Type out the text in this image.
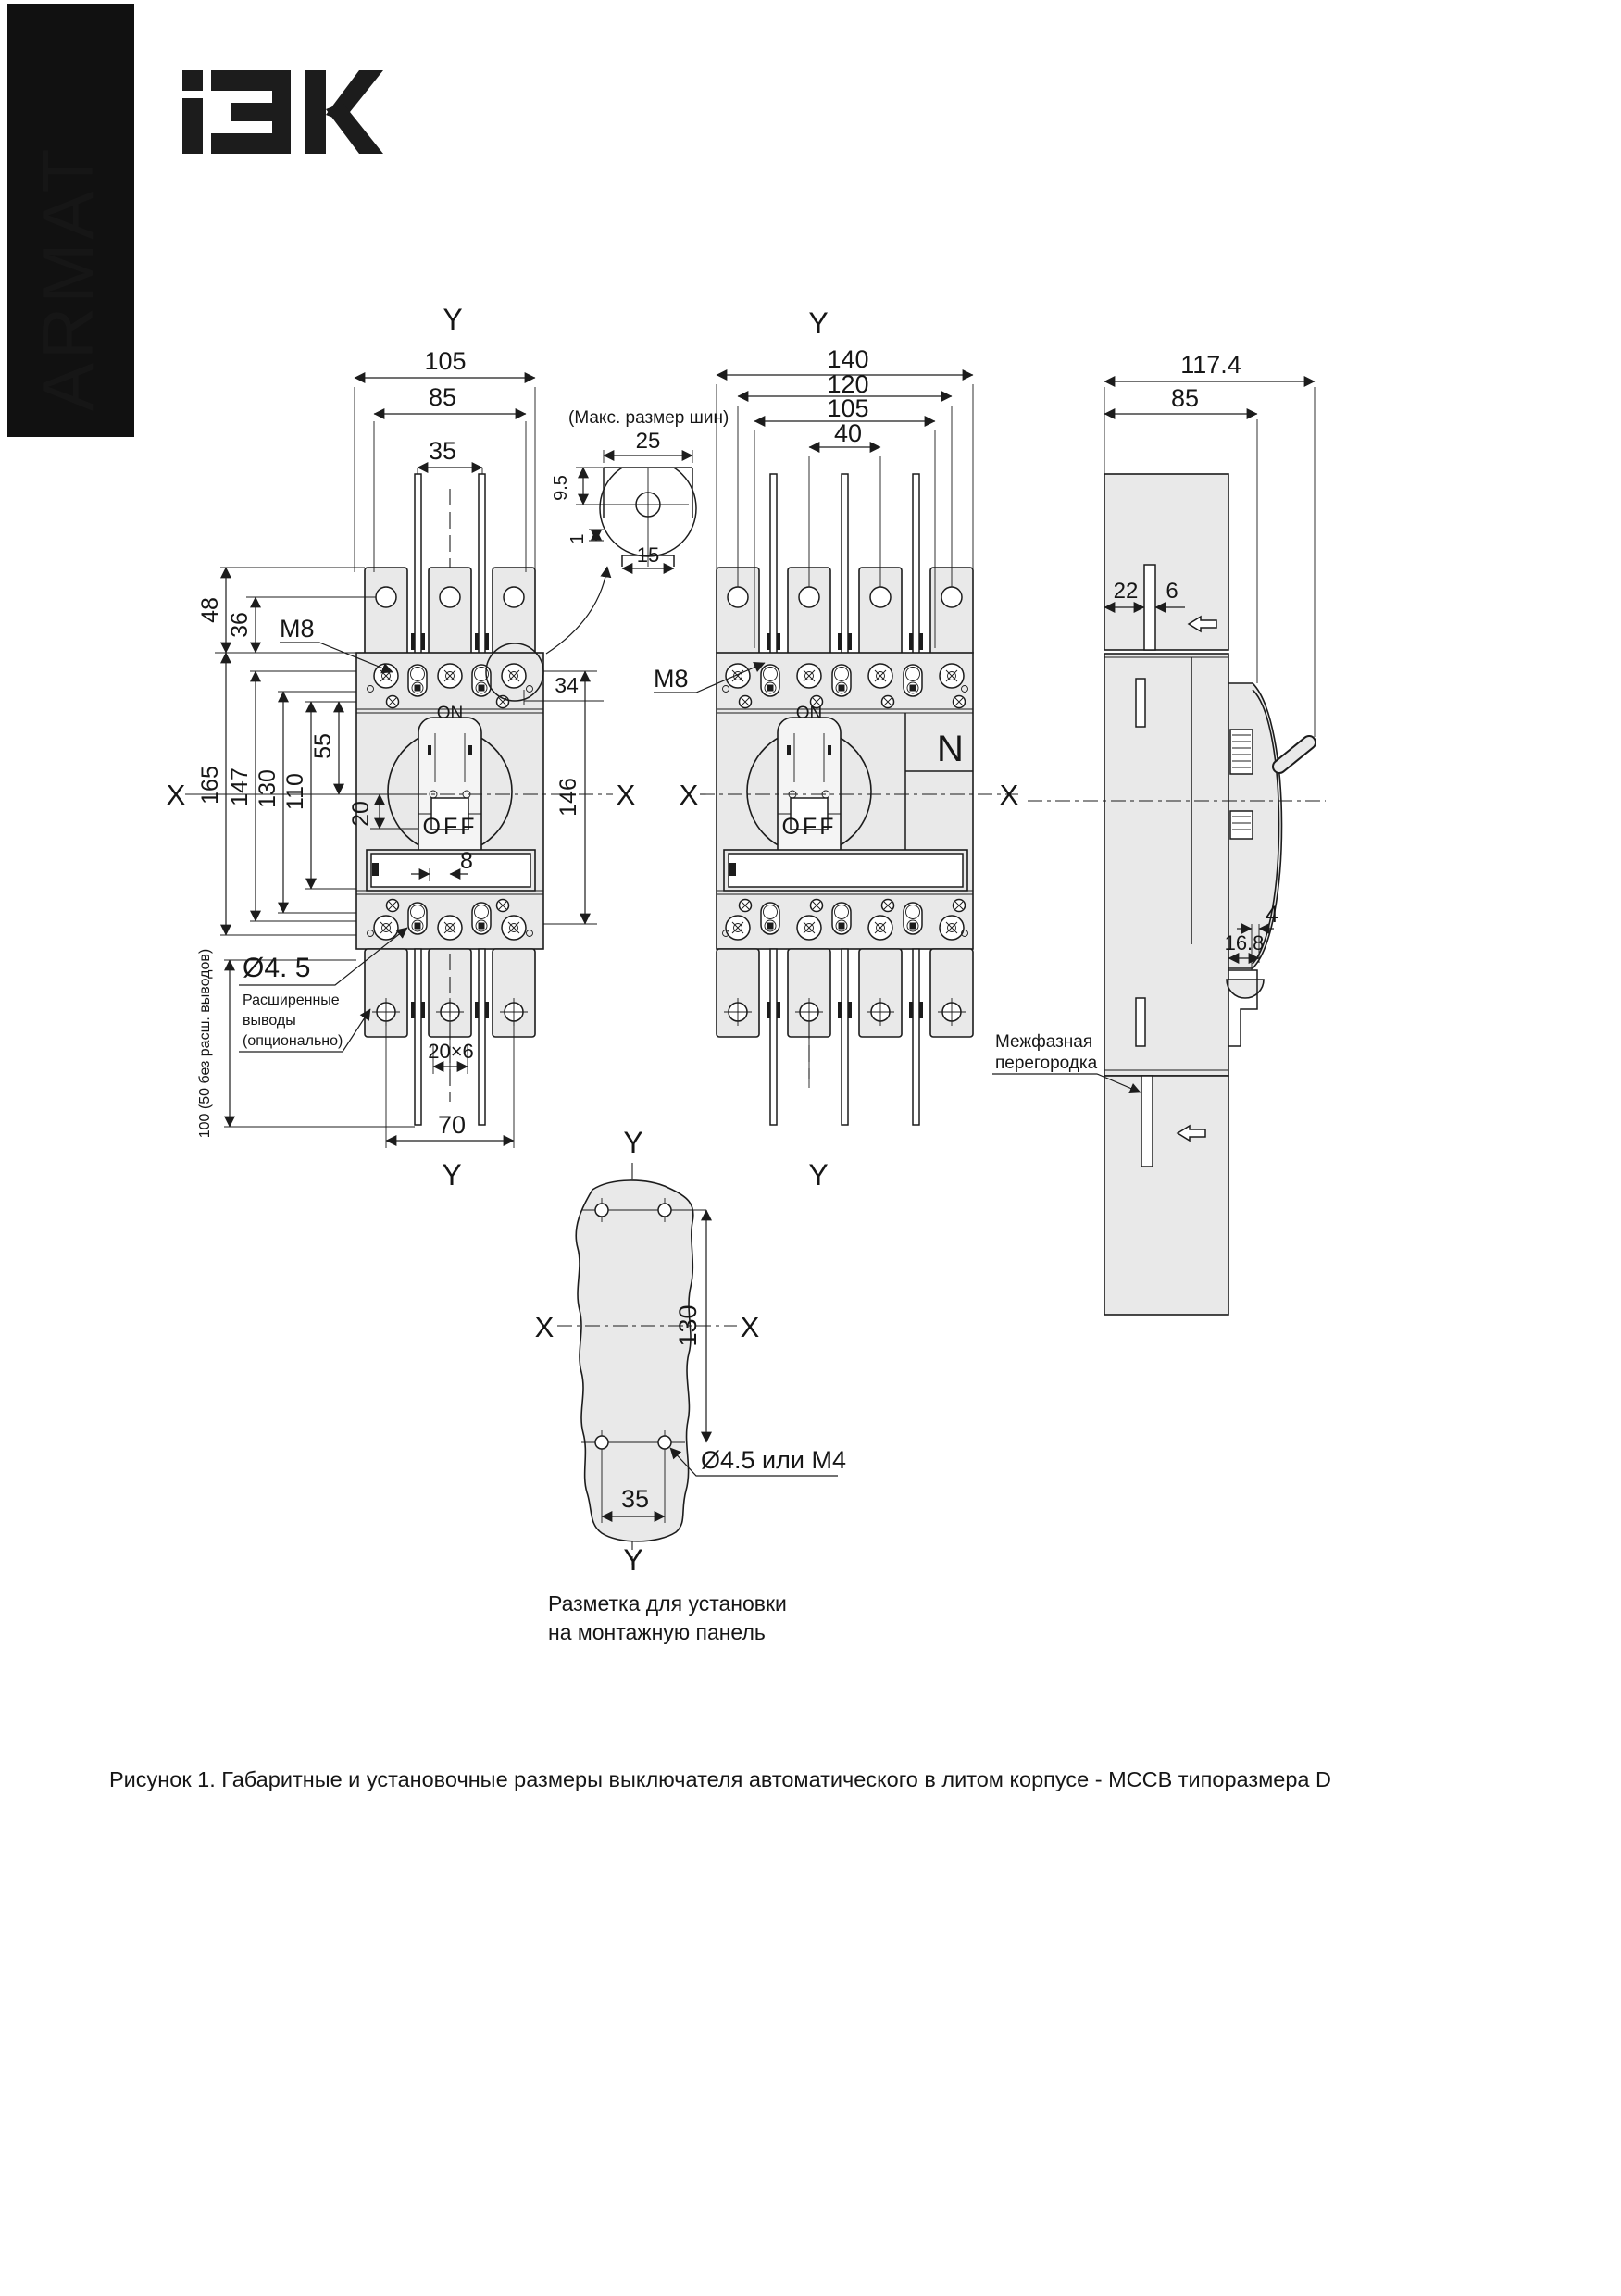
ARMAT
ON
OFF
Y
105
85
35
48
36 M8
165 147 130 110
55
20
8
X	X
34
146
Ø4. 5
Расширенные
выводы
(опционально)
100 (50 без расш. выводов)	20×6
70
Y
(Макс. размер шин)
25
9.5
1
15
N
ON
OFF
Y
140
120
105
40
M8
X	X
Y
117.4
85
22 6
4
16.8
Межфазная
перегородка
Y
X	X
130
Ø4.5 или М4
35
Y
Разметка для установки
на монтажную панель
Рисунок 1. Габаритные и установочные размеры выключателя автоматического в литом корпусе - MCCB типоразмера D
